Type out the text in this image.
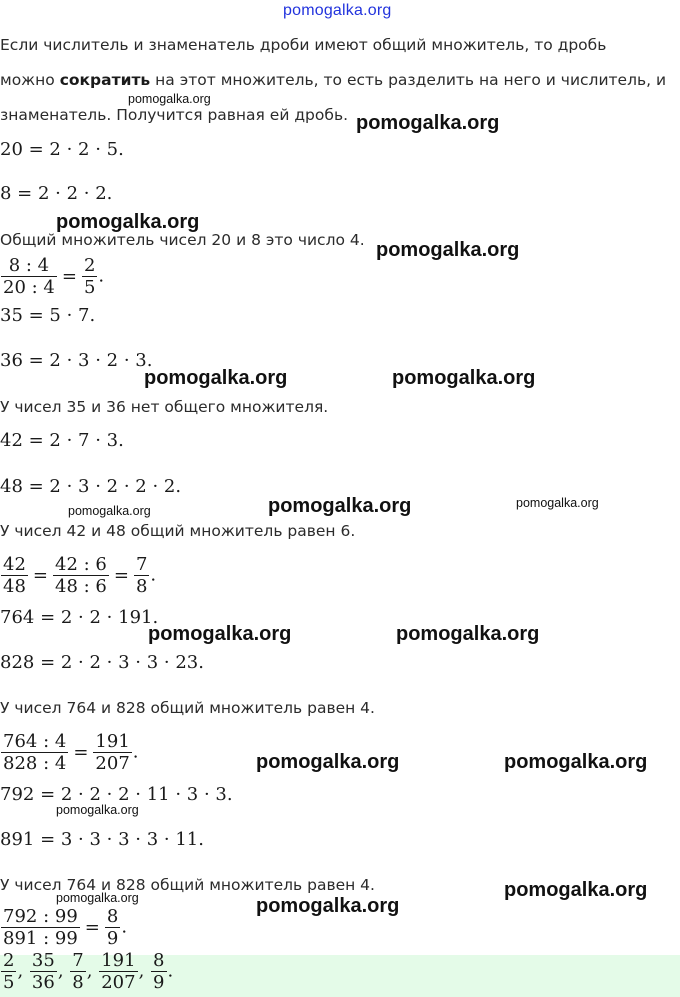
pomogalka.org
Если числитель и знаменатель дроби имеют общий множитель, то дробь
можно сократить на этот множитель, то есть разделить на него и числитель, и
знаменатель. Получится равная ей дробь.
20 = 2 · 2 · 5.
8 = 2 · 2 · 2.
Общий множитель чисел 20 и 8 это число 4.
$\frac{8 : 4}{20 : 4} = \frac{2}{5}$ .
35 = 5 · 7.
36 = 2 · 3 · 2 · 3.
У чисел 35 и 36 нет общего множителя.
42 = 2 · 7 · 3.
48 = 2 · 3 · 2 · 2 · 2.
У чисел 42 и 48 общий множитель равен 6.
$\frac{42}{48} = \frac{42 : 6}{48 : 6} = \frac{7}{8}$ .
764 = 2 · 2 · 191.
828 = 2 · 2 · 3 · 3 · 23.
У чисел 764 и 828 общий множитель равен 4.
$\frac{764 : 4}{828 : 4} = \frac{191}{207}$ .
792 = 2 · 2 · 2 · 11 · 3 · 3.
891 = 3 · 3 · 3 · 3 · 11.
У чисел 764 и 828 общий множитель равен 4.
$\frac{792 : 99}{891 : 99} = \frac{8}{9}$ .
$\frac{2}{5}$ , $\frac{35}{36}$ , $\frac{7}{8}$ , $\frac{191}{207}$ , $\frac{8}{9}$ .
pomogalka.org
pomogalka.org
pomogalka.org
pomogalka.org
pomogalka.org	pomogalka.org
pomogalka.org	pomogalka.org
pomogalka.org
pomogalka.org	pomogalka.org
pomogalka.org	pomogalka.org
pomogalka.org
pomogalka.org
pomogalka.org	pomogalka.org
